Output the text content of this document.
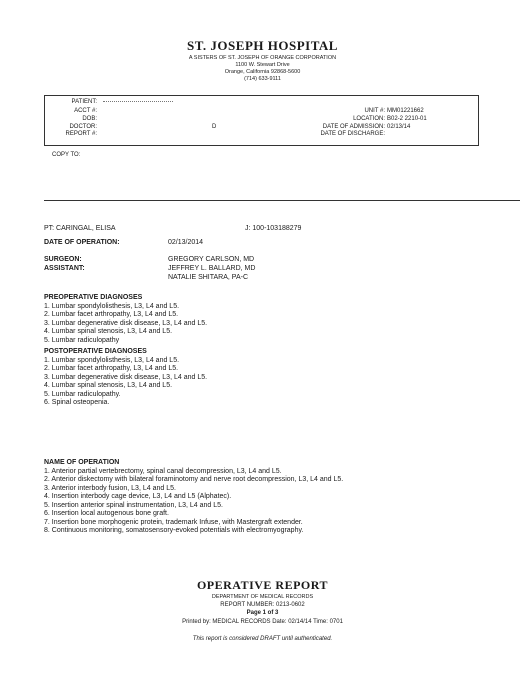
ST. JOSEPH HOSPITAL
A SISTERS OF ST. JOSEPH OF ORANGE CORPORATION
1100 W. Stewart Drive
Orange, California 92868-5600
(714) 633-9111
PATIENT:
ACCT #:
DOB:
DOCTOR:
REPORT #:
D
UNIT #: MM01221662
LOCATION: B02-2 2210-01
DATE OF ADMISSION: 02/13/14
DATE OF DISCHARGE:
COPY TO:
PT: CARINGAL, ELISA	J: 100-103188279
DATE OF OPERATION:	02/13/2014
SURGEON:	GREGORY CARLSON, MD
ASSISTANT:	JEFFREY L. BALLARD, MD
NATALIE SHITARA, PA-C
PREOPERATIVE DIAGNOSES
1. Lumbar spondylolisthesis, L3, L4 and L5.
2. Lumbar facet arthropathy, L3, L4 and L5.
3. Lumbar degenerative disk disease, L3, L4 and L5.
4. Lumbar spinal stenosis, L3, L4 and L5.
5. Lumbar radiculopathy
POSTOPERATIVE DIAGNOSES
1. Lumbar spondylolisthesis, L3, L4 and L5.
2. Lumbar facet arthropathy, L3, L4 and L5.
3. Lumbar degenerative disk disease, L3, L4 and L5.
4. Lumbar spinal stenosis, L3, L4 and L5.
5. Lumbar radiculopathy.
6. Spinal osteopenia.
NAME OF OPERATION
1. Anterior partial vertebrectomy, spinal canal decompression, L3, L4 and L5.
2. Anterior diskectomy with bilateral foraminotomy and nerve root decompression, L3, L4 and L5.
3. Anterior interbody fusion, L3, L4 and L5.
4. Insertion interbody cage device, L3, L4 and L5 (Alphatec).
5. Insertion anterior spinal instrumentation, L3, L4 and L5.
6. Insertion local autogenous bone graft.
7. Insertion bone morphogenic protein, trademark Infuse, with Mastergraft extender.
8. Continuous monitoring, somatosensory-evoked potentials with electromyography.
OPERATIVE REPORT
DEPARTMENT OF MEDICAL RECORDS
REPORT NUMBER: 0213-0602
Page 1 of 3
Printed by: MEDICAL RECORDS Date: 02/14/14 Time: 0701
This report is considered DRAFT until authenticated.
